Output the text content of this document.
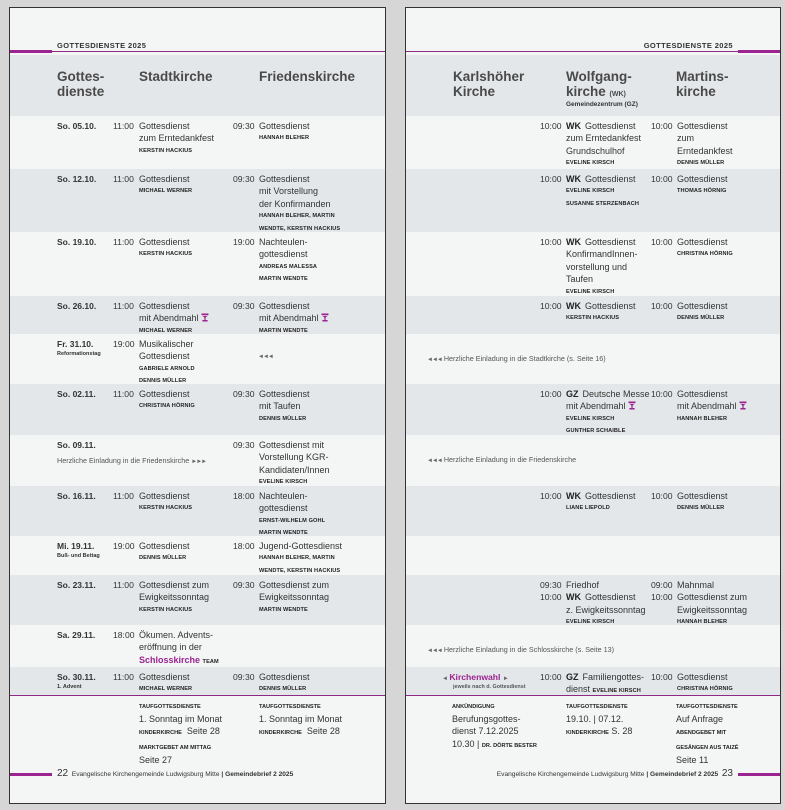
GOTTESDIENSTE 2025
Gottes-
dienste
Stadtkirche	Friedenskirche
So. 05.10. 11:00 Gottesdienst
zum Erntedankfest
KERSTIN HACKIUS
09:30 Gottesdienst
HANNAH BLEHER
So. 12.10. 11:00 Gottesdienst
MICHAEL WERNER
09:30 Gottesdienst
mit Vorstellung
der Konfirmanden
HANNAH BLEHER, MARTIN
WENDTE, KERSTIN HACKIUS
So. 19.10. 11:00 Gottesdienst
KERSTIN HACKIUS
19:00 Nachteulen-
gottesdienst
ANDREAS MALESSA
MARTIN WENDTE
So. 26.10. 11:00 Gottesdienst
mit Abendmahl
MICHAEL WERNER
09:30 Gottesdienst
mit Abendmahl
MARTIN WENDTE
Fr. 31.10.
Reformationstag
19:00 Musikalischer
Gottesdienst
GABRIELE ARNOLD
DENNIS MÜLLER
◄◄◄
So. 02.11. 11:00 Gottesdienst
CHRISTINA HÖRNIG
09:30 Gottesdienst
mit Taufen
DENNIS MÜLLER
So. 09.11.	09:30 Gottesdienst mit
Vorstellung KGR-
Kandidaten/Innen
EVELINE KIRSCH
Herzliche Einladung in die Friedenskirche ►►►
So. 16.11. 11:00 Gottesdienst
KERSTIN HACKIUS
18:00 Nachteulen-
gottesdienst
ERNST-WILHELM GOHL
MARTIN WENDTE
Mi. 19.11.
Buß- und Bettag
19:00 Gottesdienst
DENNIS MÜLLER
18:00 Jugend-Gottesdienst
HANNAH BLEHER, MARTIN
WENDTE, KERSTIN HACKIUS
So. 23.11. 11:00 Gottesdienst zum
Ewigkeitssonntag
KERSTIN HACKIUS
09:30 Gottesdienst zum
Ewigkeitssonntag
MARTIN WENDTE
Sa. 29.11. 18:00 Ökumen. Advents-
eröffnung in der
Schlosskirche TEAM
So. 30.11.
1. Advent
11:00 Gottesdienst
MICHAEL WERNER
09:30 Gottesdienst
DENNIS MÜLLER
TAUFGOTTESDIENSTE
1. Sonntag im Monat
KINDERKIRCHE  Seite 28
MARKTGEBET AM MITTAG
Seite 27
TAUFGOTTESDIENSTE
1. Sonntag im Monat
KINDERKIRCHE  Seite 28
22 Evangelische Kirchengemeinde Ludwigsburg Mitte | Gemeindebrief 2 2025
GOTTESDIENSTE 2025
Karlshöher
Kirche
Wolfgang-
kirche (WK)
Gemeindezentrum (GZ)
Martins-
kirche
10:00 WK Gottesdienst
zum Erntedankfest
Grundschulhof
EVELINE KIRSCH
10:00 Gottesdienst
zum
Erntedankfest
DENNIS MÜLLER
10:00 WK Gottesdienst
EVELINE KIRSCH
SUSANNE STERZENBACH
10:00 Gottesdienst
THOMAS HÖRNIG
10:00 WK Gottesdienst
KonfirmandInnen-
vorstellung und
Taufen
EVELINE KIRSCH
10:00 Gottesdienst
CHRISTINA HÖRNIG
10:00 WK Gottesdienst
KERSTIN HACKIUS
10:00 Gottesdienst
DENNIS MÜLLER
◄◄◄ Herzliche Einladung in die Stadtkirche (s. Seite 16)
10:00 GZ Deutsche Messe
mit Abendmahl
EVELINE KIRSCH
GUNTHER SCHAIBLE
10:00 Gottesdienst
mit Abendmahl
HANNAH BLEHER
◄◄◄ Herzliche Einladung in die Friedenskirche
10:00 WK Gottesdienst
LIANE LIEPOLD
10:00 Gottesdienst
DENNIS MÜLLER
09:30 Friedhof
10:00 WK Gottesdienst
z. Ewigkeitssonntag
EVELINE KIRSCH
09:00 Mahnmal
10:00 Gottesdienst zum
Ewigkeitssonntag
HANNAH BLEHER
◄◄◄ Herzliche Einladung in die Schlosskirche (s. Seite 13)
10:00 GZ Familiengottes-
dienst EVELINE KIRSCH
10:00 Gottesdienst
CHRISTINA HÖRNIG
◄ Kirchenwahl ►
jeweils nach d. Gottesdienst
ANKÜNDIGUNG
Berufungsgottes-
dienst 7.12.2025
10.30 | DR. DÖRTE BESTER
TAUFGOTTESDIENSTE
19.10. | 07.12.
KINDERKIRCHE S. 28
TAUFGOTTESDIENSTE
Auf Anfrage
ABENDGEBET MIT
GESÄNGEN AUS TAIZÉ
Seite 11
Evangelische Kirchengemeinde Ludwigsburg Mitte | Gemeindebrief 2 2025 23
